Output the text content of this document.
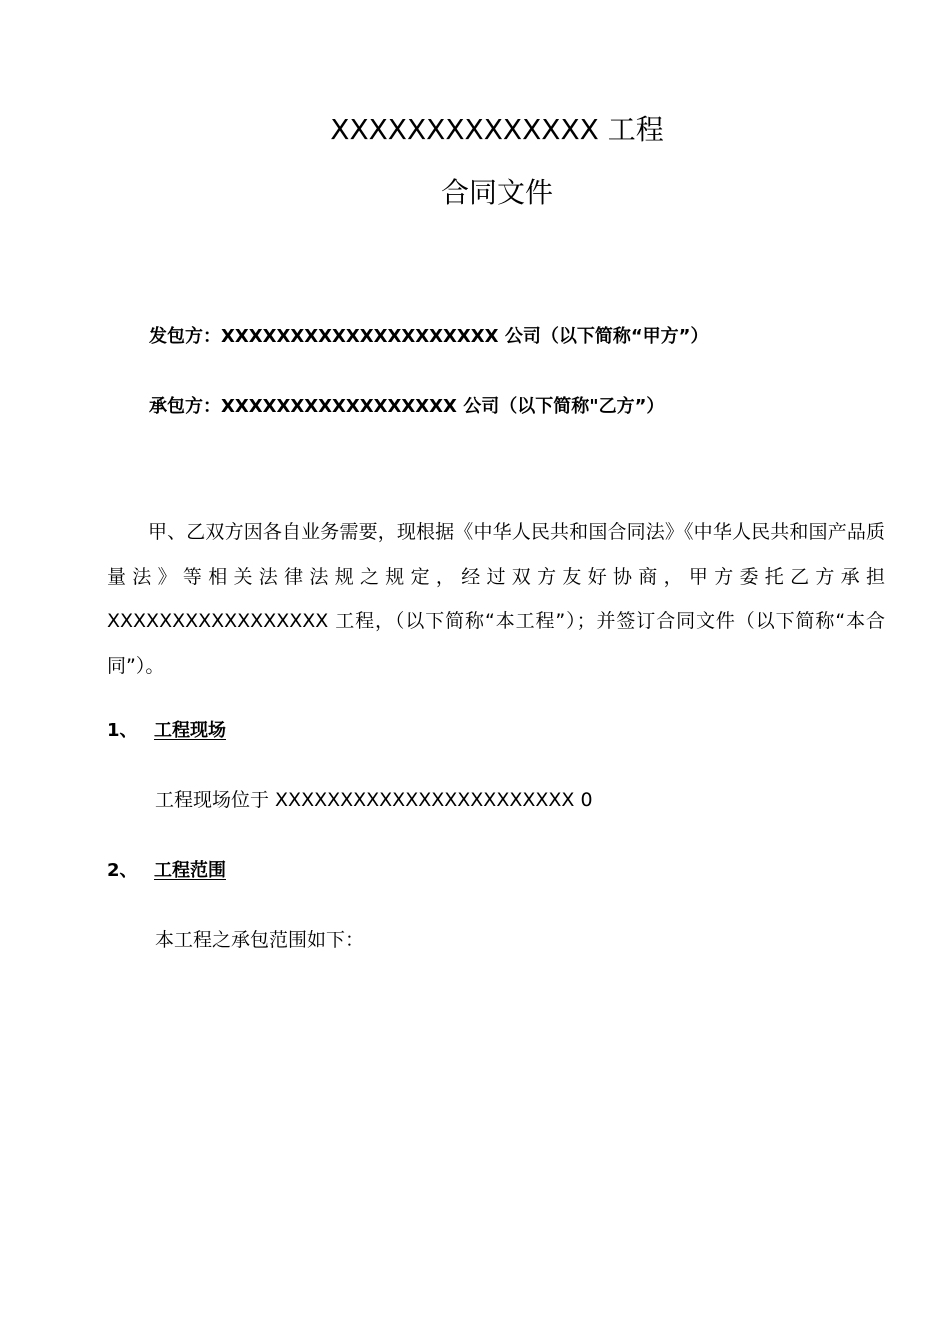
XXXXXXXXXXXXXX 工程
合同文件
发包方：XXXXXXXXXXXXXXXXXXXX 公司（以下简称“甲方”）
承包方：XXXXXXXXXXXXXXXXX 公司（以下简称"乙方”）
甲、乙双方因各自业务需要，现根据《中华人民共和国合同法》《中华人民共和国产品质量法》等相关法律法规之规定，经过双方友好协商，甲方委托乙方承担XXXXXXXXXXXXXXXXX 工程，（以下简称“本工程”）；并签订合同文件（以下简称“本合同”）。
1、 工程现场
工程现场位于 XXXXXXXXXXXXXXXXXXXXXXX 0
2、 工程范围
本工程之承包范围如下：
